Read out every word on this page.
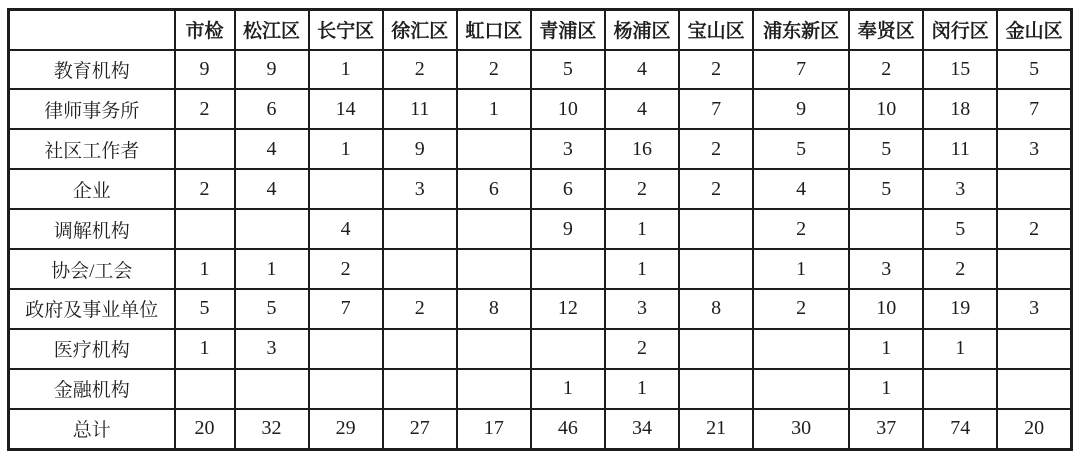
	市检	松江区	长宁区	徐汇区	虹口区	青浦区	杨浦区	宝山区	浦东新区	奉贤区	闵行区	金山区
教育机构	9	9	1	2	2	5	4	2	7	2	15	5
律师事务所	2	6	14	11	1	10	4	7	9	10	18	7
社区工作者		4	1	9		3	16	2	5	5	11	3
企业	2	4		3	6	6	2	2	4	5	3	
调解机构			4			9	1		2		5	2
协会/工会	1	1	2				1		1	3	2	
政府及事业单位	5	5	7	2	8	12	3	8	2	10	19	3
医疗机构	1	3					2			1	1	
金融机构						1	1			1		
总计	20	32	29	27	17	46	34	21	30	37	74	20
